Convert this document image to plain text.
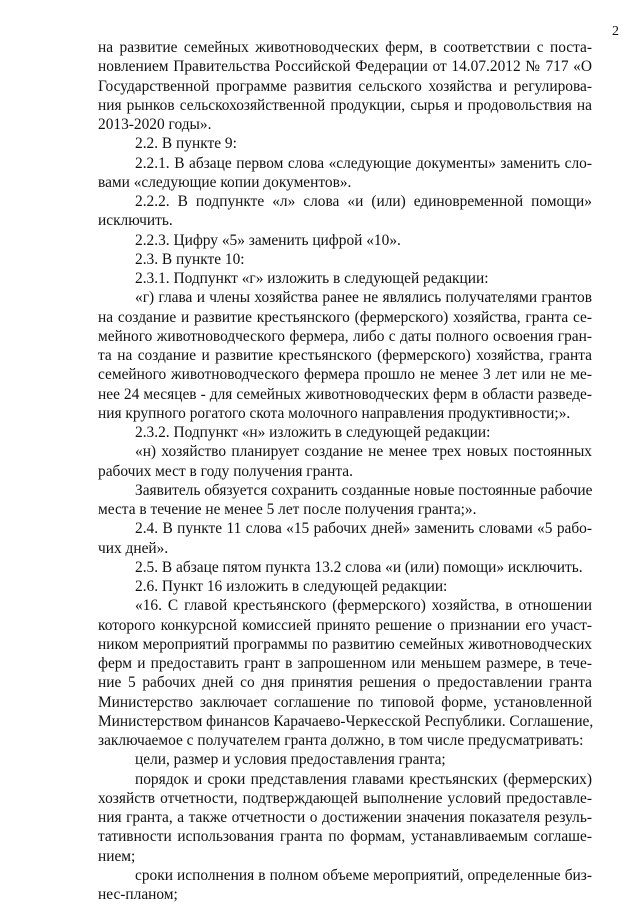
2
на развитие семейных животноводческих ферм, в соответствии с поста-
новлением Правительства Российской Федерации от 14.07.2012 № 717 «О
Государственной программе развития сельского хозяйства и регулирова-
ния рынков сельскохозяйственной продукции, сырья и продовольствия на
2013-2020 годы».
2.2. В пункте 9:
2.2.1. В абзаце первом слова «следующие документы» заменить сло-
вами «следующие копии документов».
2.2.2. В подпункте «л» слова «и (или) единовременной помощи»
исключить.
2.2.3. Цифру «5» заменить цифрой «10».
2.3. В пункте 10:
2.3.1. Подпункт «г» изложить в следующей редакции:
«г) глава и члены хозяйства ранее не являлись получателями грантов
на создание и развитие крестьянского (фермерского) хозяйства, гранта се-
мейного животноводческого фермера, либо с даты полного освоения гран-
та на создание и развитие крестьянского (фермерского) хозяйства, гранта
семейного животноводческого фермера прошло не менее 3 лет или не ме-
нее 24 месяцев - для семейных животноводческих ферм в области разведе-
ния крупного рогатого скота молочного направления продуктивности;».
2.3.2. Подпункт «н» изложить в следующей редакции:
«н) хозяйство планирует создание не менее трех новых постоянных
рабочих мест в году получения гранта.
Заявитель обязуется сохранить созданные новые постоянные рабочие
места в течение не менее 5 лет после получения гранта;».
2.4. В пункте 11 слова «15 рабочих дней» заменить словами «5 рабо-
чих дней».
2.5. В абзаце пятом пункта 13.2 слова «и (или) помощи» исключить.
2.6. Пункт 16 изложить в следующей редакции:
«16. С главой крестьянского (фермерского) хозяйства, в отношении
которого конкурсной комиссией принято решение о признании его участ-
ником мероприятий программы по развитию семейных животноводческих
ферм и предоставить грант в запрошенном или меньшем размере, в тече-
ние 5 рабочих дней со дня принятия решения о предоставлении гранта
Министерство заключает соглашение по типовой форме, установленной
Министерством финансов Карачаево-Черкесской Республики. Соглашение,
заключаемое с получателем гранта должно, в том числе предусматривать:
цели, размер и условия предоставления гранта;
порядок и сроки представления главами крестьянских (фермерских)
хозяйств отчетности, подтверждающей выполнение условий предоставле-
ния гранта, а также отчетности о достижении значения показателя резуль-
тативности использования гранта по формам, устанавливаемым соглаше-
нием;
сроки исполнения в полном объеме мероприятий, определенные биз-
нес-планом;
